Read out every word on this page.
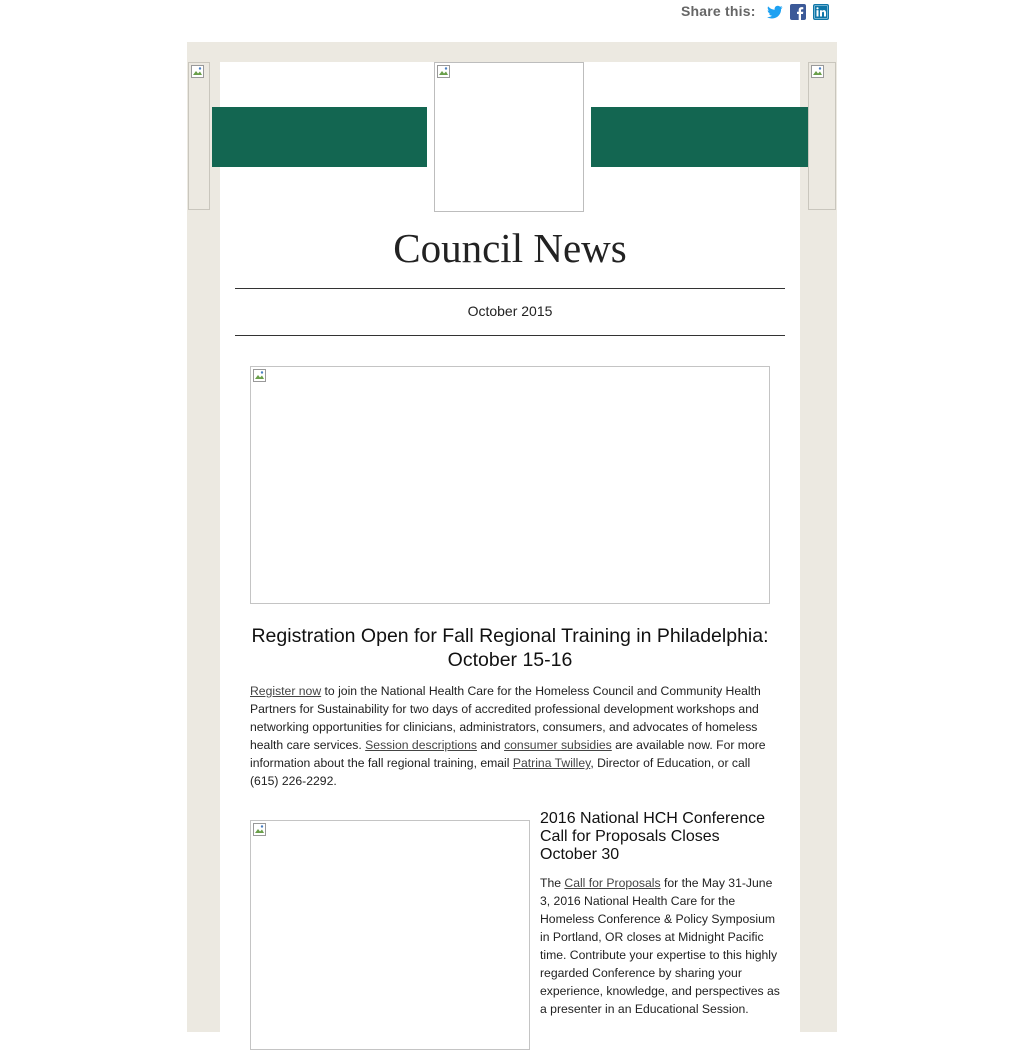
Share this:
Council News
October 2015
Registration Open for Fall Regional Training in Philadelphia: October 15-16
Register now to join the National Health Care for the Homeless Council and Community Health Partners for Sustainability for two days of accredited professional development workshops and networking opportunities for clinicians, administrators, consumers, and advocates of homeless health care services. Session descriptions and consumer subsidies are available now. For more information about the fall regional training, email Patrina Twilley, Director of Education, or call (615) 226-2292.
2016 National HCH Conference Call for Proposals Closes October 30
The Call for Proposals for the May 31-June 3, 2016 National Health Care for the Homeless Conference & Policy Symposium in Portland, OR closes at Midnight Pacific time. Contribute your expertise to this highly regarded Conference by sharing your experience, knowledge, and perspectives as a presenter in an Educational Session.
